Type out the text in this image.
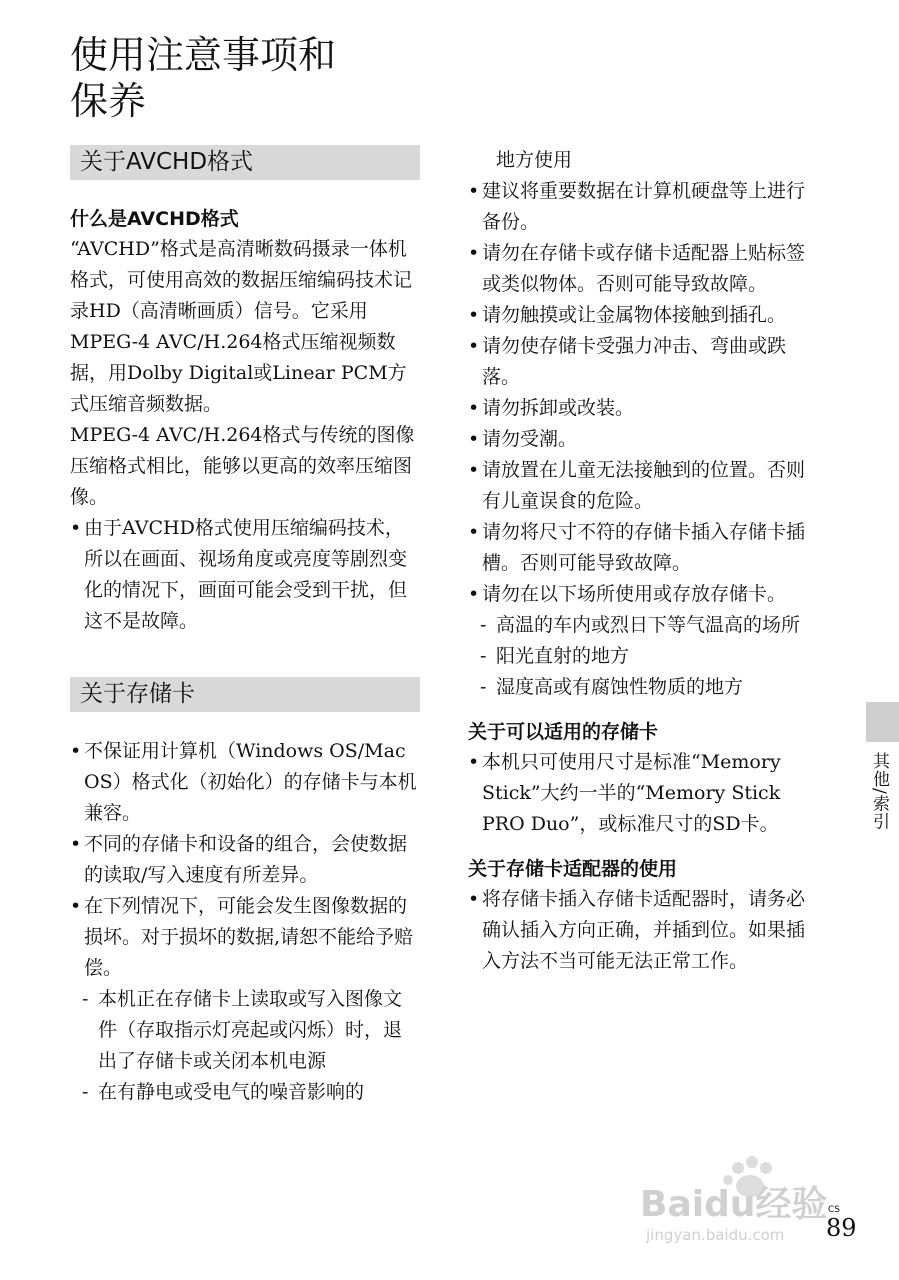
使用注意事项和
保养
关于AVCHD格式
什么是AVCHD格式

“AVCHD”格式是高清晰数码摄录一体机格式，可使用高效的数据压缩编码技术记录HD（高清晰画质）信号。它采用MPEG-4 AVC/H.264格式压缩视频数据，用Dolby Digital或Linear PCM方式压缩音频数据。

MPEG-4 AVC/H.264格式与传统的图像压缩格式相比，能够以更高的效率压缩图像。

• 由于AVCHD格式使用压缩编码技术，所以在画面、视场角度或亮度等剧烈变化的情况下，画面可能会受到干扰，但这不是故障。
关于存储卡
• 不保证用计算机（Windows OS/Mac OS）格式化（初始化）的存储卡与本机兼容。
• 不同的存储卡和设备的组合，会使数据的读取/写入速度有所差异。
• 在下列情况下，可能会发生图像数据的损坏。对于损坏的数据,请恕不能给予赔偿。
- 本机正在存储卡上读取或写入图像文件（存取指示灯亮起或闪烁）时，退出了存储卡或关闭本机电源
- 在有静电或受电气的噪音影响的
地方使用
• 建议将重要数据在计算机硬盘等上进行备份。
• 请勿在存储卡或存储卡适配器上贴标签或类似物体。否则可能导致故障。
• 请勿触摸或让金属物体接触到插孔。
• 请勿使存储卡受强力冲击、弯曲或跌落。
• 请勿拆卸或改装。
• 请勿受潮。
• 请放置在儿童无法接触到的位置。否则有儿童误食的危险。
• 请勿将尺寸不符的存储卡插入存储卡插槽。否则可能导致故障。
• 请勿在以下场所使用或存放存储卡。
- 高温的车内或烈日下等气温高的场所
- 阳光直射的地方
- 湿度高或有腐蚀性物质的地方
关于可以适用的存储卡
• 本机只可使用尺寸是标准“Memory Stick”大约一半的“Memory Stick PRO Duo”，或标准尺寸的SD卡。
关于存储卡适配器的使用
• 将存储卡插入存储卡适配器时，请务必确认插入方向正确，并插到位。如果插入方法不当可能无法正常工作。
其他/索引
Baidu经验
jingyan.baidu.com
CS
89
